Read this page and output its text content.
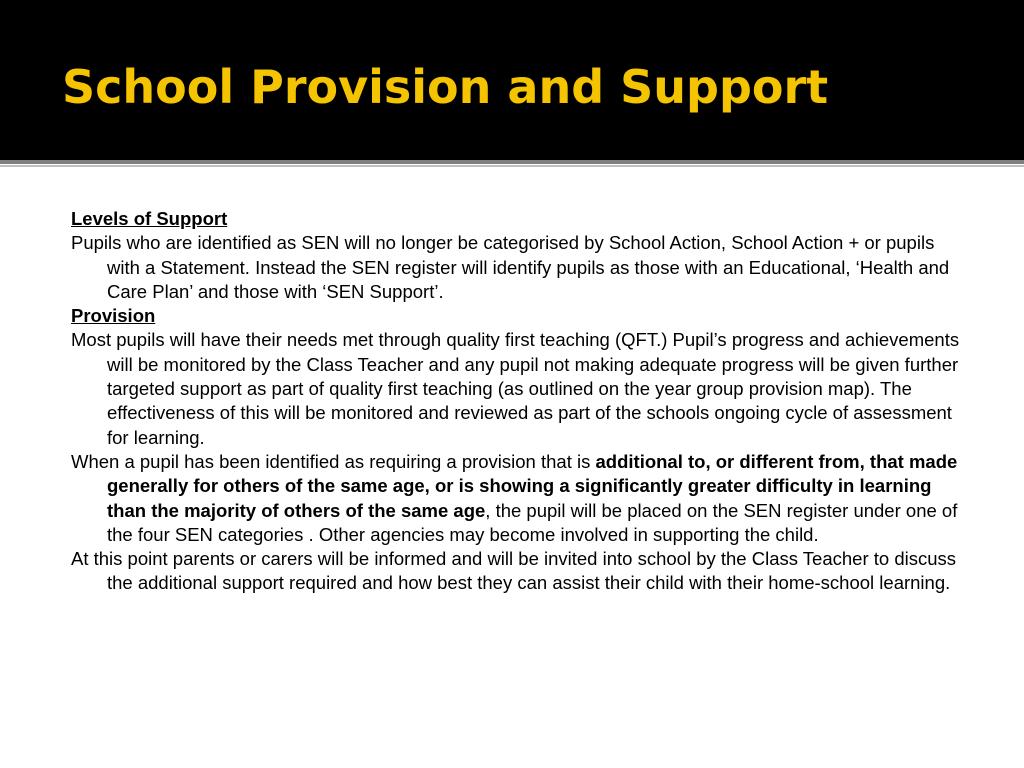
School Provision and Support
Levels of Support
Pupils who are identified as SEN will no longer be categorised by School Action, School Action + or pupils with a Statement. Instead the SEN register will identify pupils as those with an Educational, ‘Health and Care Plan’ and those with ‘SEN Support’.
Provision
Most pupils will have their needs met through quality first teaching (QFT.) Pupil’s progress and achievements will be monitored by the Class Teacher and any pupil not making adequate progress will be given further targeted support as part of quality first teaching (as outlined on the year group provision map). The effectiveness of this will be monitored and reviewed as part of the schools ongoing cycle of assessment for learning.
When a pupil has been identified as requiring a provision that is additional to, or different from, that made generally for others of the same age, or is showing a significantly greater difficulty in learning than the majority of others of the same age, the pupil will be placed on the SEN register under one of the four SEN categories . Other agencies may become involved in supporting the child.
At this point parents or carers will be informed and will be invited into school by the Class Teacher to discuss the additional support required and how best they can assist their child with their home-school learning.
